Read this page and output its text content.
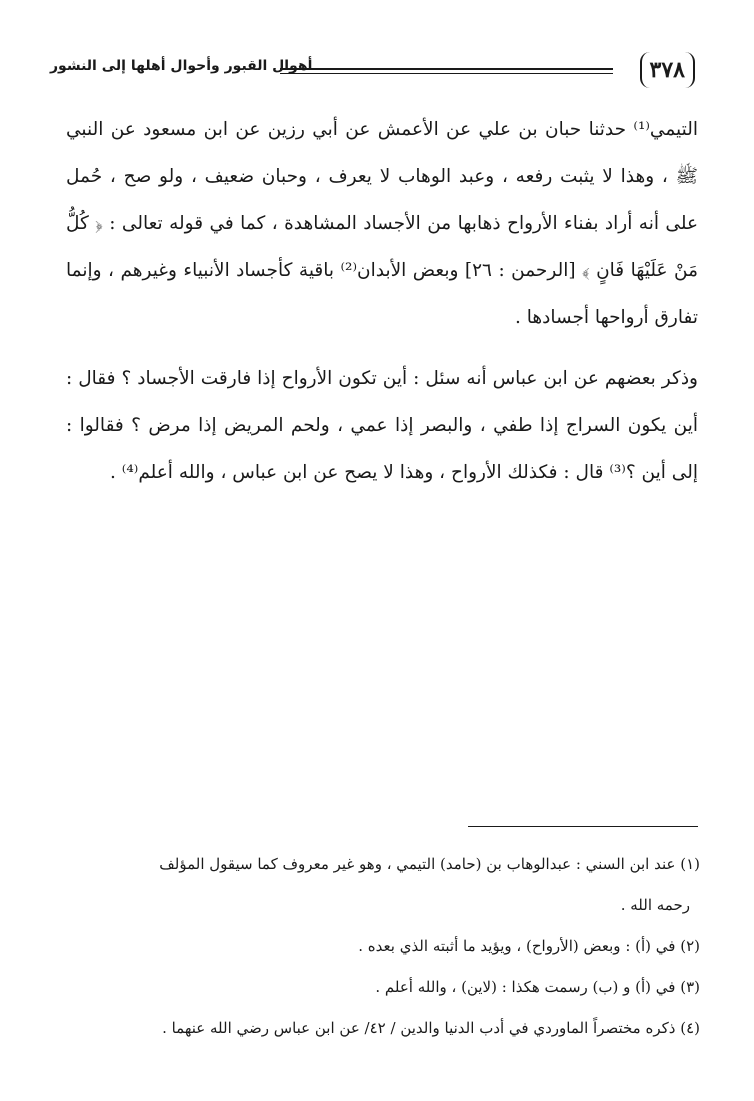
٣٧٨
أهوال القبور وأحوال أهلها إلى النشور

التيمي⁽¹⁾ حدثنا حبان بن علي عن الأعمش عن أبي رزين عن ابن مسعود عن النبي ﷺ ، وهذا لا يثبت رفعه ، وعبد الوهاب لا يعرف ، وحبان ضعيف ، ولو صح ، حُمل على أنه أراد بفناء الأرواح ذهابها من الأجساد المشاهدة ، كما في قوله تعالى : ﴿ كُلُّ مَنْ عَلَيْهَا فَانٍ ﴾ [الرحمن : ٢٦] وبعض الأبدان⁽²⁾ باقية كأجساد الأنبياء وغيرهم ، وإنما تفارق أرواحها أجسادها .

وذكر بعضهم عن ابن عباس أنه سئل : أين تكون الأرواح إذا فارقت الأجساد ؟ فقال : أين يكون السراج إذا طفي ، والبصر إذا عمي ، ولحم المريض إذا مرض ؟ فقالوا : إلى أين ؟⁽³⁾ قال : فكذلك الأرواح ، وهذا لا يصح عن ابن عباس ، والله أعلم⁽⁴⁾ .

(١) عند ابن السني : عبدالوهاب بن (حامد) التيمي ، وهو غير معروف كما سيقول المؤلف

رحمه الله .

(٢) في (أ) : وبعض (الأرواح) ، ويؤيد ما أثبته الذي بعده .

(٣) في (أ) و (ب) رسمت هكذا : (لاين) ، والله أعلم .

(٤) ذكره مختصراً الماوردي في أدب الدنيا والدين / ٤٢/ عن ابن عباس رضي الله عنهما .
